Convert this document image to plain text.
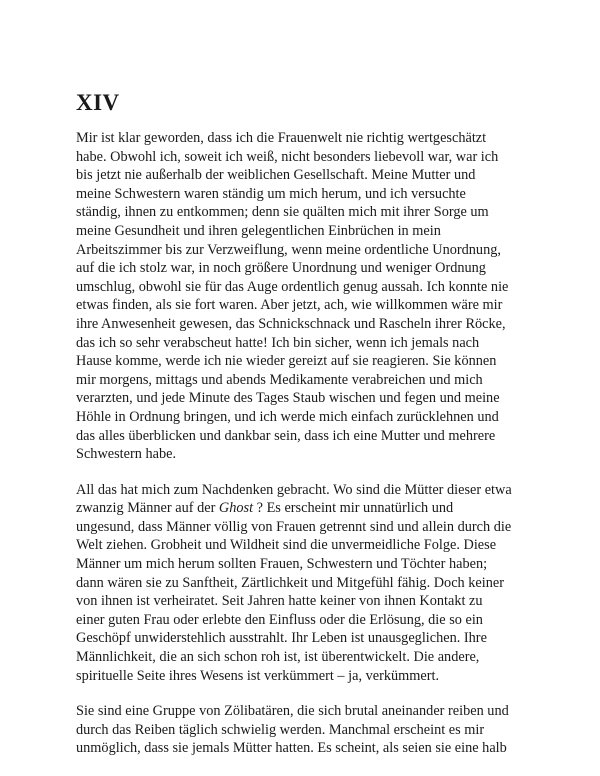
XIV
Mir ist klar geworden, dass ich die Frauenwelt nie richtig wertgeschätzt
habe. Obwohl ich, soweit ich weiß, nicht besonders liebevoll war, war ich
bis jetzt nie außerhalb der weiblichen Gesellschaft. Meine Mutter und
meine Schwestern waren ständig um mich herum, und ich versuchte
ständig, ihnen zu entkommen; denn sie quälten mich mit ihrer Sorge um
meine Gesundheit und ihren gelegentlichen Einbrüchen in mein
Arbeitszimmer bis zur Verzweiflung, wenn meine ordentliche Unordnung,
auf die ich stolz war, in noch größere Unordnung und weniger Ordnung
umschlug, obwohl sie für das Auge ordentlich genug aussah. Ich konnte nie
etwas finden, als sie fort waren. Aber jetzt, ach, wie willkommen wäre mir
ihre Anwesenheit gewesen, das Schnickschnack und Rascheln ihrer Röcke,
das ich so sehr verabscheut hatte! Ich bin sicher, wenn ich jemals nach
Hause komme, werde ich nie wieder gereizt auf sie reagieren. Sie können
mir morgens, mittags und abends Medikamente verabreichen und mich
verarzten, und jede Minute des Tages Staub wischen und fegen und meine
Höhle in Ordnung bringen, und ich werde mich einfach zurücklehnen und
das alles überblicken und dankbar sein, dass ich eine Mutter und mehrere
Schwestern habe.
All das hat mich zum Nachdenken gebracht. Wo sind die Mütter dieser etwa
zwanzig Männer auf der Ghost ? Es erscheint mir unnatürlich und
ungesund, dass Männer völlig von Frauen getrennt sind und allein durch die
Welt ziehen. Grobheit und Wildheit sind die unvermeidliche Folge. Diese
Männer um mich herum sollten Frauen, Schwestern und Töchter haben;
dann wären sie zu Sanftheit, Zärtlichkeit und Mitgefühl fähig. Doch keiner
von ihnen ist verheiratet. Seit Jahren hatte keiner von ihnen Kontakt zu
einer guten Frau oder erlebte den Einfluss oder die Erlösung, die so ein
Geschöpf unwiderstehlich ausstrahlt. Ihr Leben ist unausgeglichen. Ihre
Männlichkeit, die an sich schon roh ist, ist überentwickelt. Die andere,
spirituelle Seite ihres Wesens ist verkümmert – ja, verkümmert.
Sie sind eine Gruppe von Zölibatären, die sich brutal aneinander reiben und
durch das Reiben täglich schwielig werden. Manchmal erscheint es mir
unmöglich, dass sie jemals Mütter hatten. Es scheint, als seien sie eine halb
